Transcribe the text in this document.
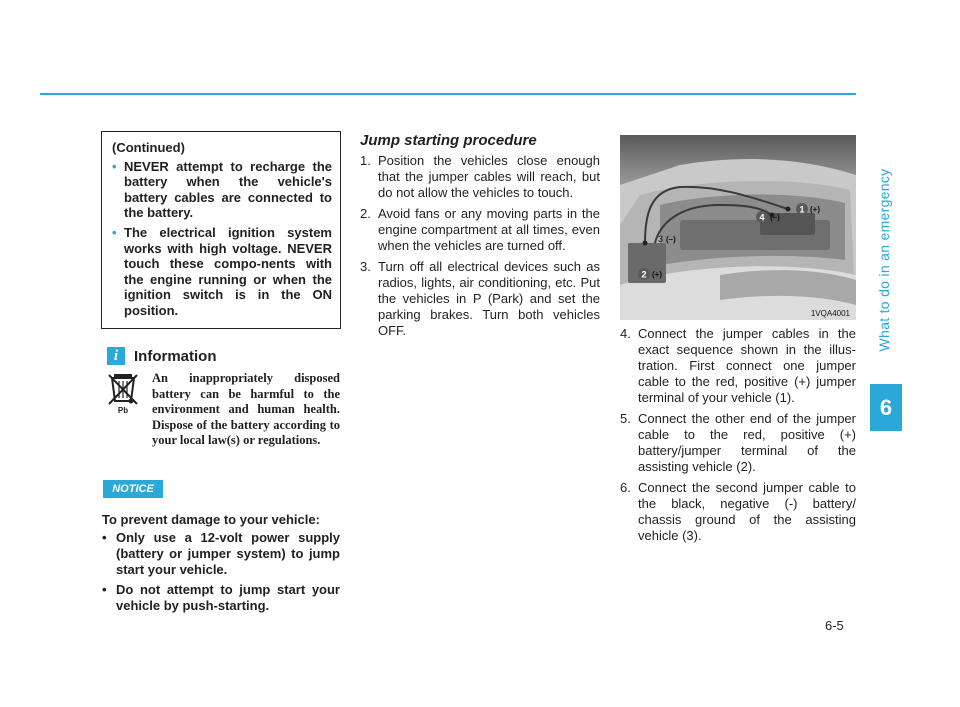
What to do in an emergency
6
6-5
(Continued)
• NEVER attempt to recharge the battery when the vehicle's battery cables are connected to the battery.
• The electrical ignition system works with high voltage. NEVER touch these compo-nents with the engine running or when the ignition switch is in the ON position.
i	Information
Pb
An inappropriately disposed battery can be harmful to the environment and human health. Dispose of the battery according to your local law(s) or regulations.
NOTICE
To prevent damage to your vehicle:
• Only use a 12-volt power supply (battery or jumper system) to jump start your vehicle.
• Do not attempt to jump start your vehicle by push-starting.
Jump starting procedure
1. Position the vehicles close enough that the jumper cables will reach, but do not allow the vehicles to touch.
2. Avoid fans or any moving parts in the engine compartment at all times, even when the vehicles are turned off.
3. Turn off all electrical devices such as radios, lights, air conditioning, etc. Put the vehicles in P (Park) and set the parking brakes. Turn both vehicles OFF.
1 (+)
4 (–)
3 (–)
2 (+)
1VQA4001
4. Connect the jumper cables in the exact sequence shown in the illus-tration. First connect one jumper cable to the red, positive (+) jumper terminal of your vehicle (1).
5. Connect the other end of the jumper cable to the red, positive (+) battery/jumper terminal of the assisting vehicle (2).
6. Connect the second jumper cable to the black, negative (-) battery/ chassis ground of the assisting vehicle (3).
